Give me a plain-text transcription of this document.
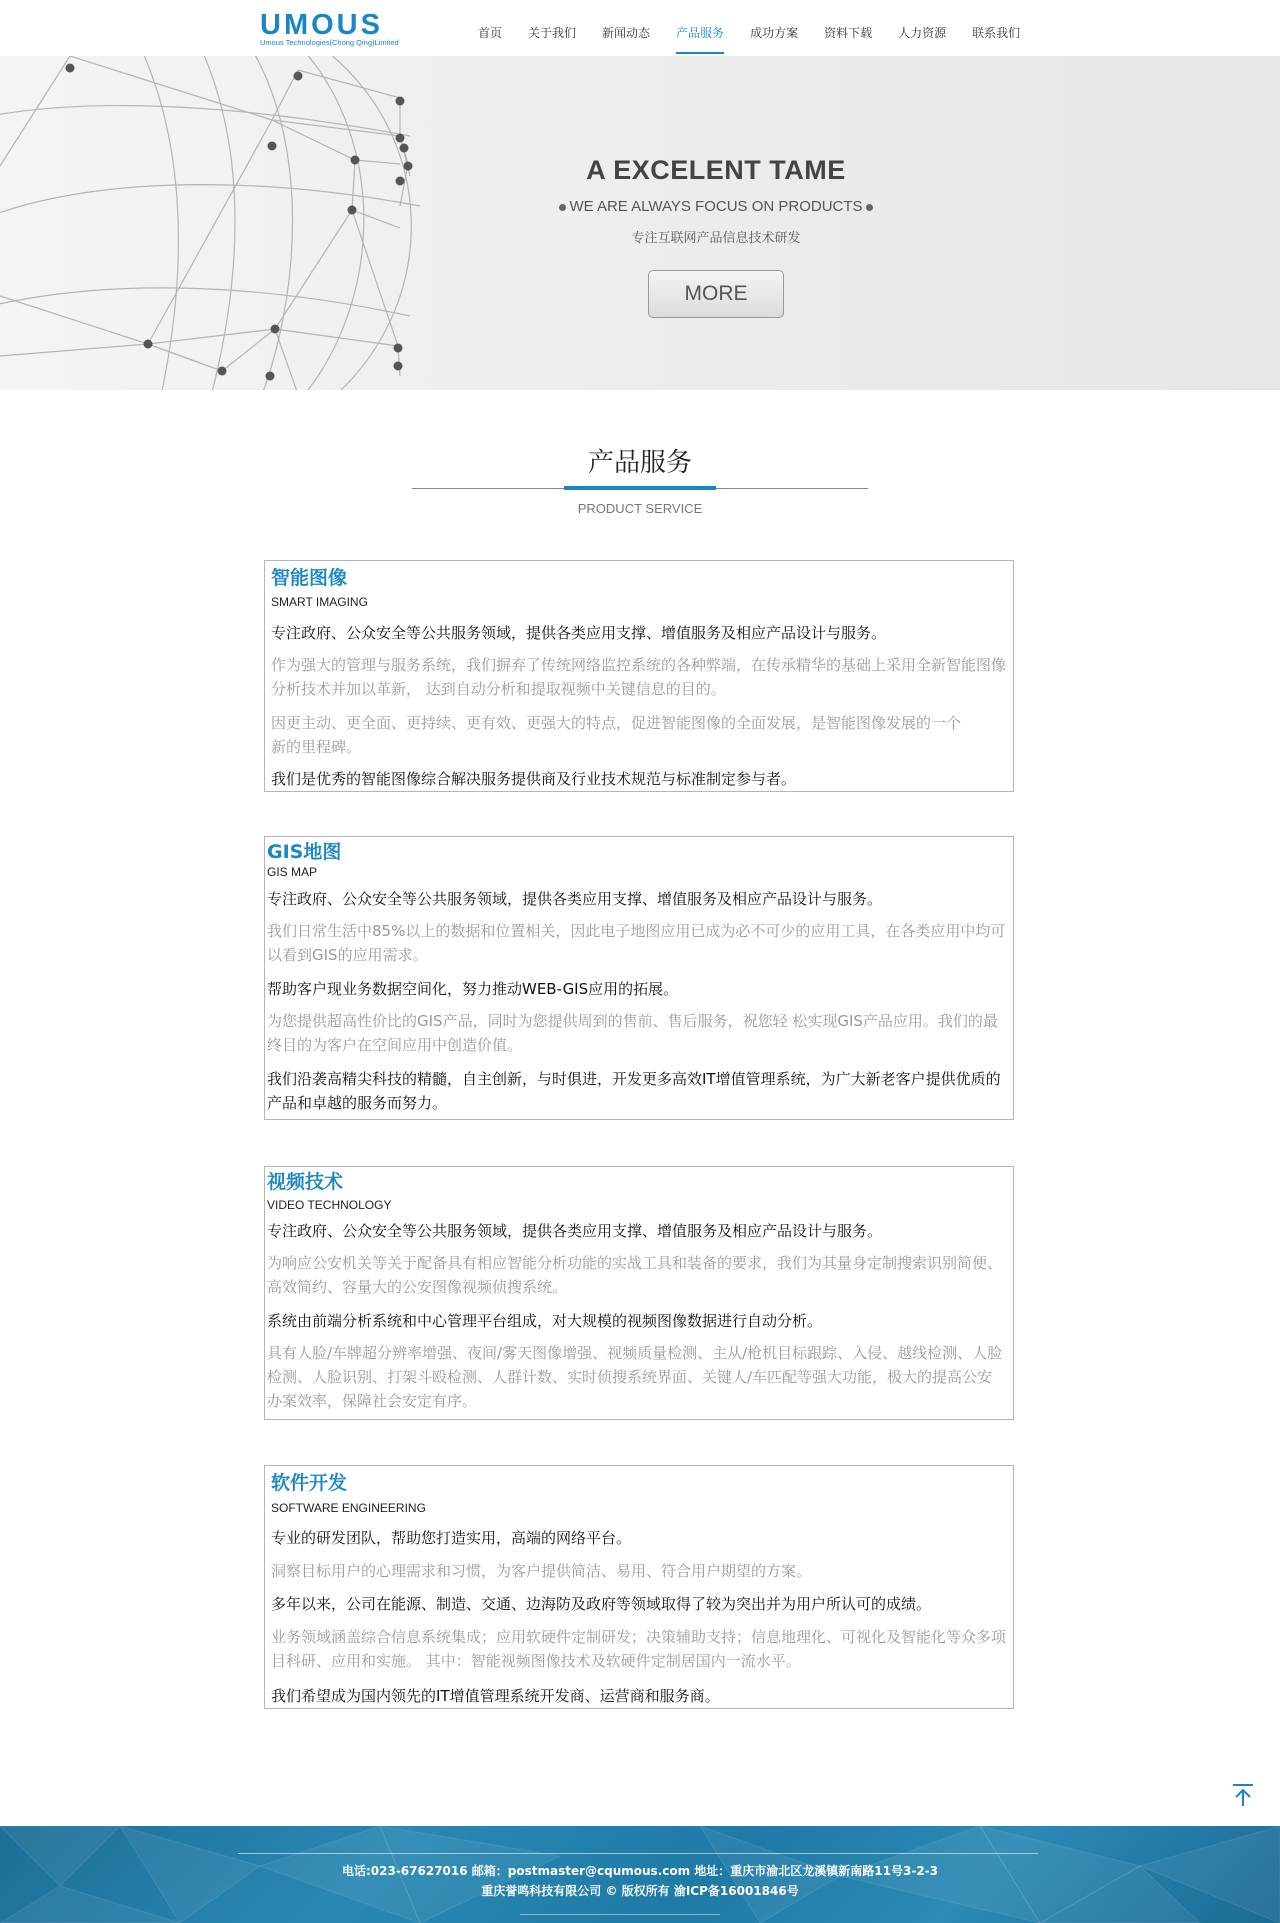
UMOUS
Umous Technologies(Chong Qing)Limited
首页	关于我们	新闻动态	产品服务	成功方案	资料下载	人力资源	联系我们
A EXCELENT TAME
WE ARE ALWAYS FOCUS ON PRODUCTS
专注互联网产品信息技术研发
MORE
产品服务
PRODUCT SERVICE
智能图像
SMART IMAGING
专注政府、公众安全等公共服务领域，提供各类应用支撑、增值服务及相应产品设计与服务。
作为强大的管理与服务系统，我们摒弃了传统网络监控系统的各种弊端，在传承精华的基础上采用全新智能图像分析技术并加以革新， 达到自动分析和提取视频中关键信息的目的。
因更主动、更全面、更持续、更有效、更强大的特点，促进智能图像的全面发展，是智能图像发展的一个新的里程碑。
我们是优秀的智能图像综合解决服务提供商及行业技术规范与标准制定参与者。
GIS地图
GIS MAP
专注政府、公众安全等公共服务领域，提供各类应用支撑、增值服务及相应产品设计与服务。
我们日常生活中85%以上的数据和位置相关，因此电子地图应用已成为必不可少的应用工具，在各类应用中均可以看到GIS的应用需求。
帮助客户现业务数据空间化，努力推动WEB-GIS应用的拓展。
为您提供超高性价比的GIS产品，同时为您提供周到的售前、售后服务，祝您轻 松实现GIS产品应用。我们的最终目的为客户在空间应用中创造价值。
我们沿袭高精尖科技的精髓，自主创新，与时俱进，开发更多高效IT增值管理系统，为广大新老客户提供优质的产品和卓越的服务而努力。
视频技术
VIDEO TECHNOLOGY
专注政府、公众安全等公共服务领域，提供各类应用支撑、增值服务及相应产品设计与服务。
为响应公安机关等关于配备具有相应智能分析功能的实战工具和装备的要求，我们为其量身定制搜索识别简便、高效简约、容量大的公安图像视频侦搜系统。
系统由前端分析系统和中心管理平台组成，对大规模的视频图像数据进行自动分析。
具有人脸/车牌超分辨率增强、夜间/雾天图像增强、视频质量检测、主从/枪机目标跟踪、入侵、越线检测、人脸检测、人脸识别、打架斗殴检测、人群计数、实时侦搜系统界面、关键人/车匹配等强大功能，极大的提高公安办案效率，保障社会安定有序。
软件开发
SOFTWARE ENGINEERING
专业的研发团队，帮助您打造实用，高端的网络平台。
洞察目标用户的心理需求和习惯，为客户提供简洁、易用、符合用户期望的方案。
多年以来，公司在能源、制造、交通、边海防及政府等领域取得了较为突出并为用户所认可的成绩。
业务领域涵盖综合信息系统集成；应用软硬件定制研发；决策辅助支持；信息地理化、可视化及智能化等众多项目科研、应用和实施。 其中：智能视频图像技术及软硬件定制居国内一流水平。
我们希望成为国内领先的IT增值管理系统开发商、运营商和服务商。
电话:023-67627016 邮箱：postmaster@cqumous.com 地址：重庆市渝北区龙溪镇新南路11号3-2-3
重庆誉鸣科技有限公司 © 版权所有 渝ICP备16001846号
